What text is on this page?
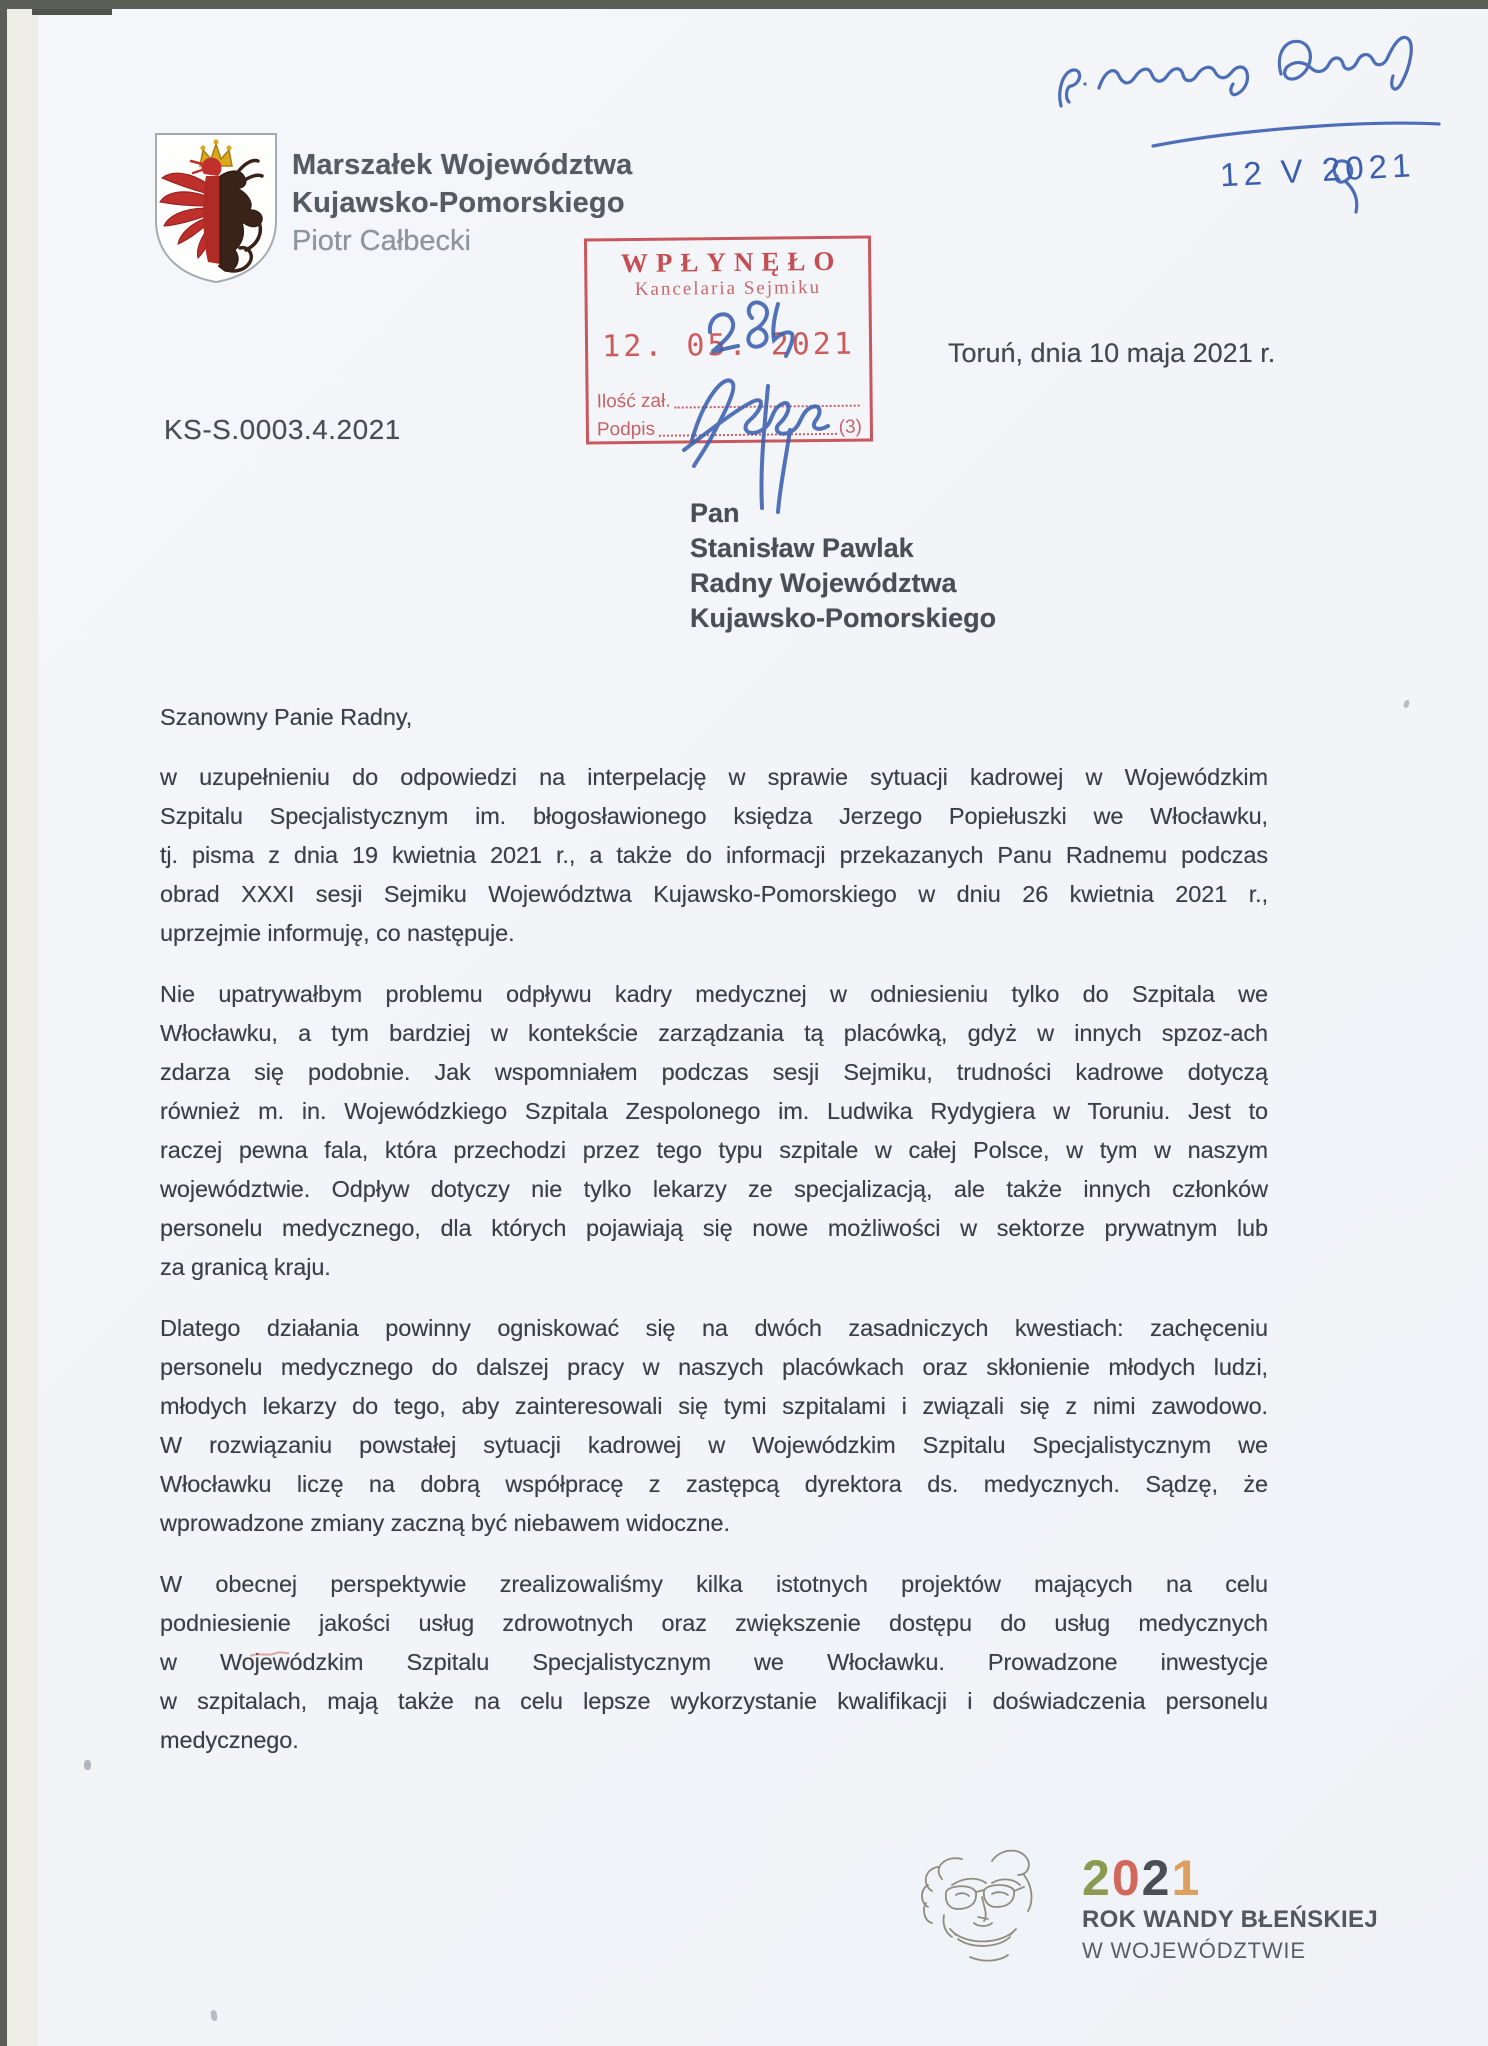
Marszałek Województwa
Kujawsko-Pomorskiego
Piotr Całbecki
WPŁYNĘŁO
Kancelaria Sejmiku
12. 05. 2021
Ilość zał.
Podpis	(3)
12 V 2021
Toruń, dnia 10 maja 2021 r.
KS-S.0003.4.2021
Pan
Stanisław Pawlak
Radny Województwa
Kujawsko-Pomorskiego
Szanowny Panie Radny,
w uzupełnieniu do odpowiedzi na interpelację w sprawie sytuacji kadrowej w Wojewódzkim
Szpitalu Specjalistycznym im. błogosławionego księdza Jerzego Popiełuszki we Włocławku,
tj. pisma z dnia 19 kwietnia 2021 r., a także do informacji przekazanych Panu Radnemu podczas
obrad XXXI sesji Sejmiku Województwa Kujawsko-Pomorskiego w dniu 26 kwietnia 2021 r.,
uprzejmie informuję, co następuje.
Nie upatrywałbym problemu odpływu kadry medycznej w odniesieniu tylko do Szpitala we
Włocławku, a tym bardziej w kontekście zarządzania tą placówką, gdyż w innych spzoz-ach
zdarza się podobnie. Jak wspomniałem podczas sesji Sejmiku, trudności kadrowe dotyczą
również m. in. Wojewódzkiego Szpitala Zespolonego im. Ludwika Rydygiera w Toruniu. Jest to
raczej pewna fala, która przechodzi przez tego typu szpitale w całej Polsce, w tym w naszym
województwie. Odpływ dotyczy nie tylko lekarzy ze specjalizacją, ale także innych członków
personelu medycznego, dla których pojawiają się nowe możliwości w sektorze prywatnym lub
za granicą kraju.
Dlatego działania powinny ogniskować się na dwóch zasadniczych kwestiach: zachęceniu
personelu medycznego do dalszej pracy w naszych placówkach oraz skłonienie młodych ludzi,
młodych lekarzy do tego, aby zainteresowali się tymi szpitalami i związali się z nimi zawodowo.
W rozwiązaniu powstałej sytuacji kadrowej w Wojewódzkim Szpitalu Specjalistycznym we
Włocławku liczę na dobrą współpracę z zastępcą dyrektora ds. medycznych. Sądzę, że
wprowadzone zmiany zaczną być niebawem widoczne.
W obecnej perspektywie zrealizowaliśmy kilka istotnych projektów mających na celu
podniesienie jakości usług zdrowotnych oraz zwiększenie dostępu do usług medycznych
w Wojewódzkim Szpitalu Specjalistycznym we Włocławku. Prowadzone inwestycje
w szpitalach, mają także na celu lepsze wykorzystanie kwalifikacji i doświadczenia personelu
medycznego.
2021
ROK WANDY BŁEŃSKIEJ
W WOJEWÓDZTWIE
